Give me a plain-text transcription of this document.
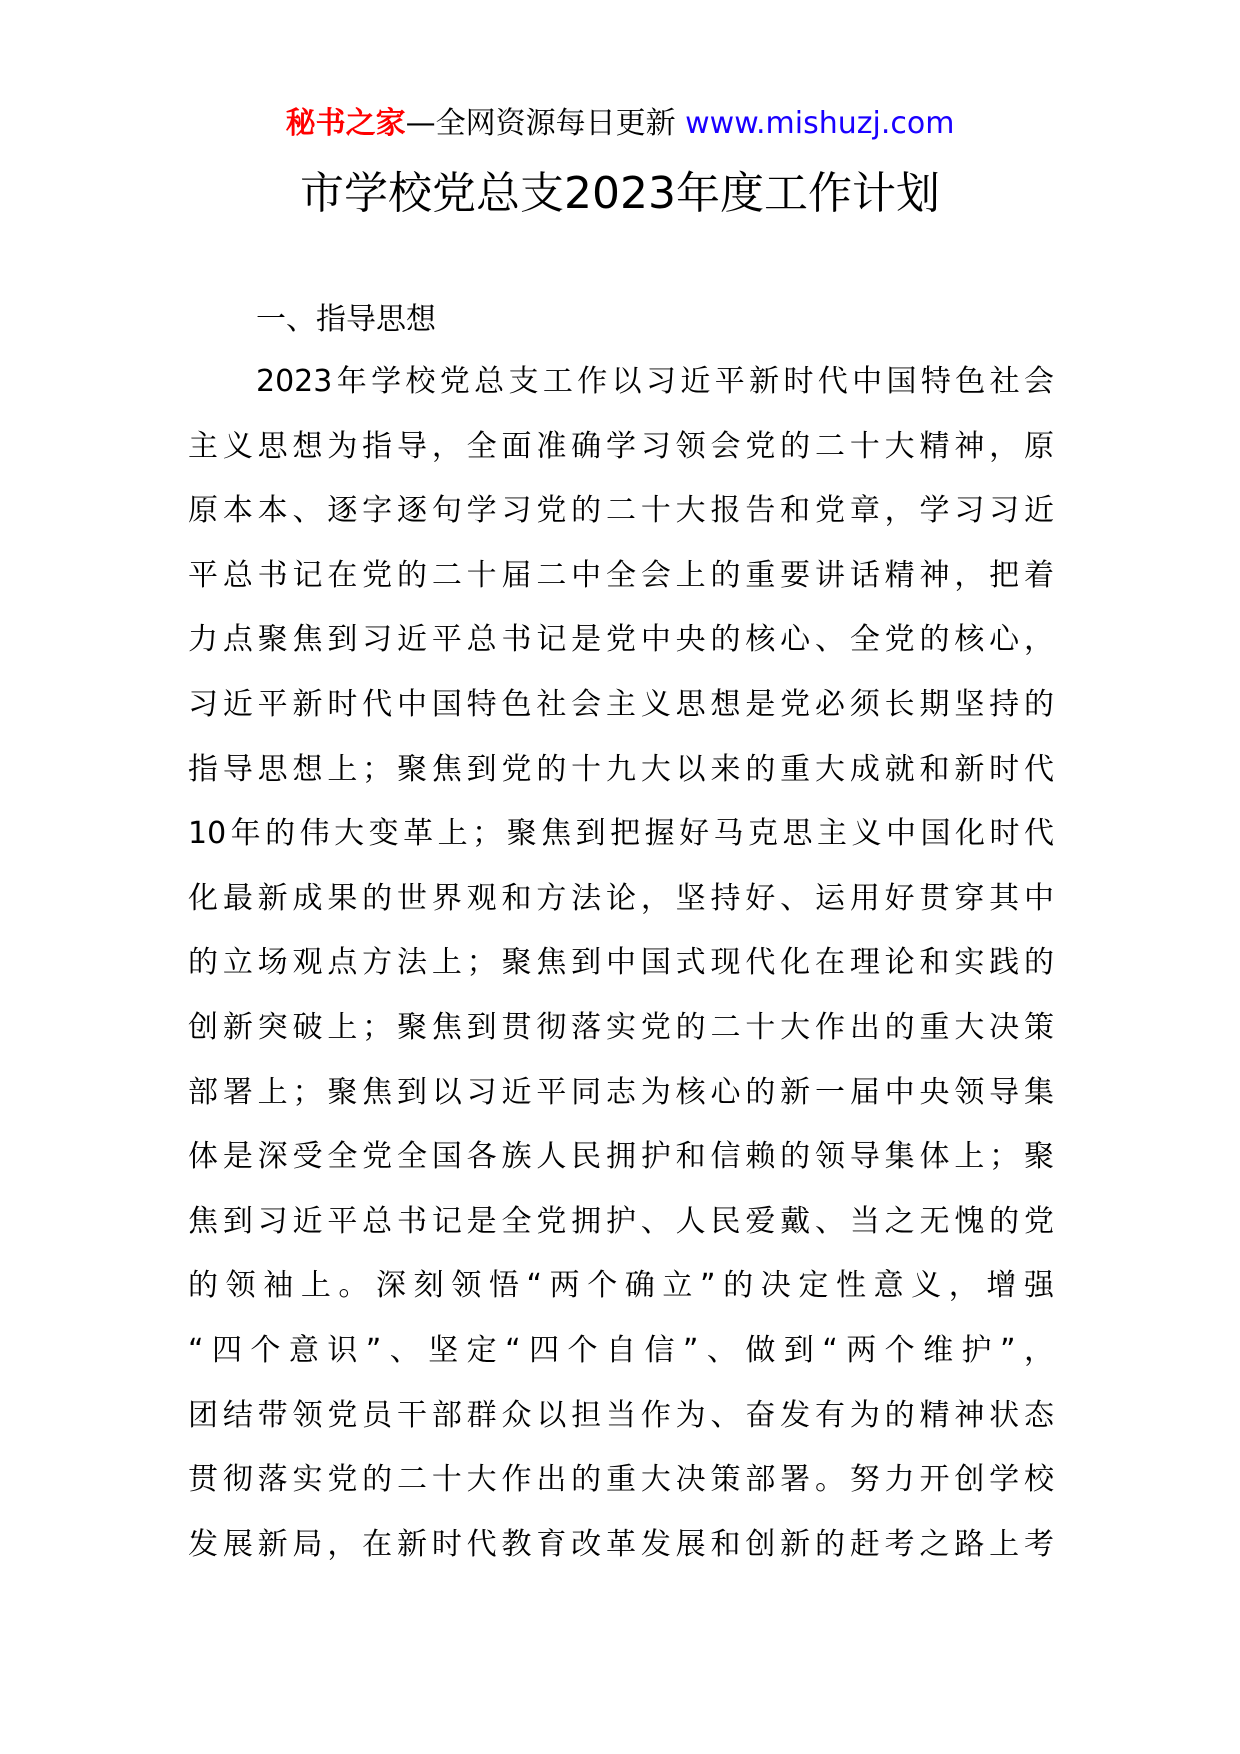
秘书之家—全网资源每日更新 www.mishuzj.com
市学校党总支2023年度工作计划
一、指导思想
2023年学校党总支工作以习近平新时代中国特色社会
主义思想为指导，全面准确学习领会党的二十大精神，原
原本本、逐字逐句学习党的二十大报告和党章，学习习近
平总书记在党的二十届二中全会上的重要讲话精神，把着
力点聚焦到习近平总书记是党中央的核心、全党的核心，
习近平新时代中国特色社会主义思想是党必须长期坚持的
指导思想上；聚焦到党的十九大以来的重大成就和新时代
10年的伟大变革上；聚焦到把握好马克思主义中国化时代
化最新成果的世界观和方法论，坚持好、运用好贯穿其中
的立场观点方法上；聚焦到中国式现代化在理论和实践的
创新突破上；聚焦到贯彻落实党的二十大作出的重大决策
部署上；聚焦到以习近平同志为核心的新一届中央领导集
体是深受全党全国各族人民拥护和信赖的领导集体上；聚
焦到习近平总书记是全党拥护、人民爱戴、当之无愧的党
的领袖上。深刻领悟“两个确立”的决定性意义，增强
“四个意识”、坚定“四个自信”、做到“两个维护”，
团结带领党员干部群众以担当作为、奋发有为的精神状态
贯彻落实党的二十大作出的重大决策部署。努力开创学校
发展新局，在新时代教育改革发展和创新的赶考之路上考
